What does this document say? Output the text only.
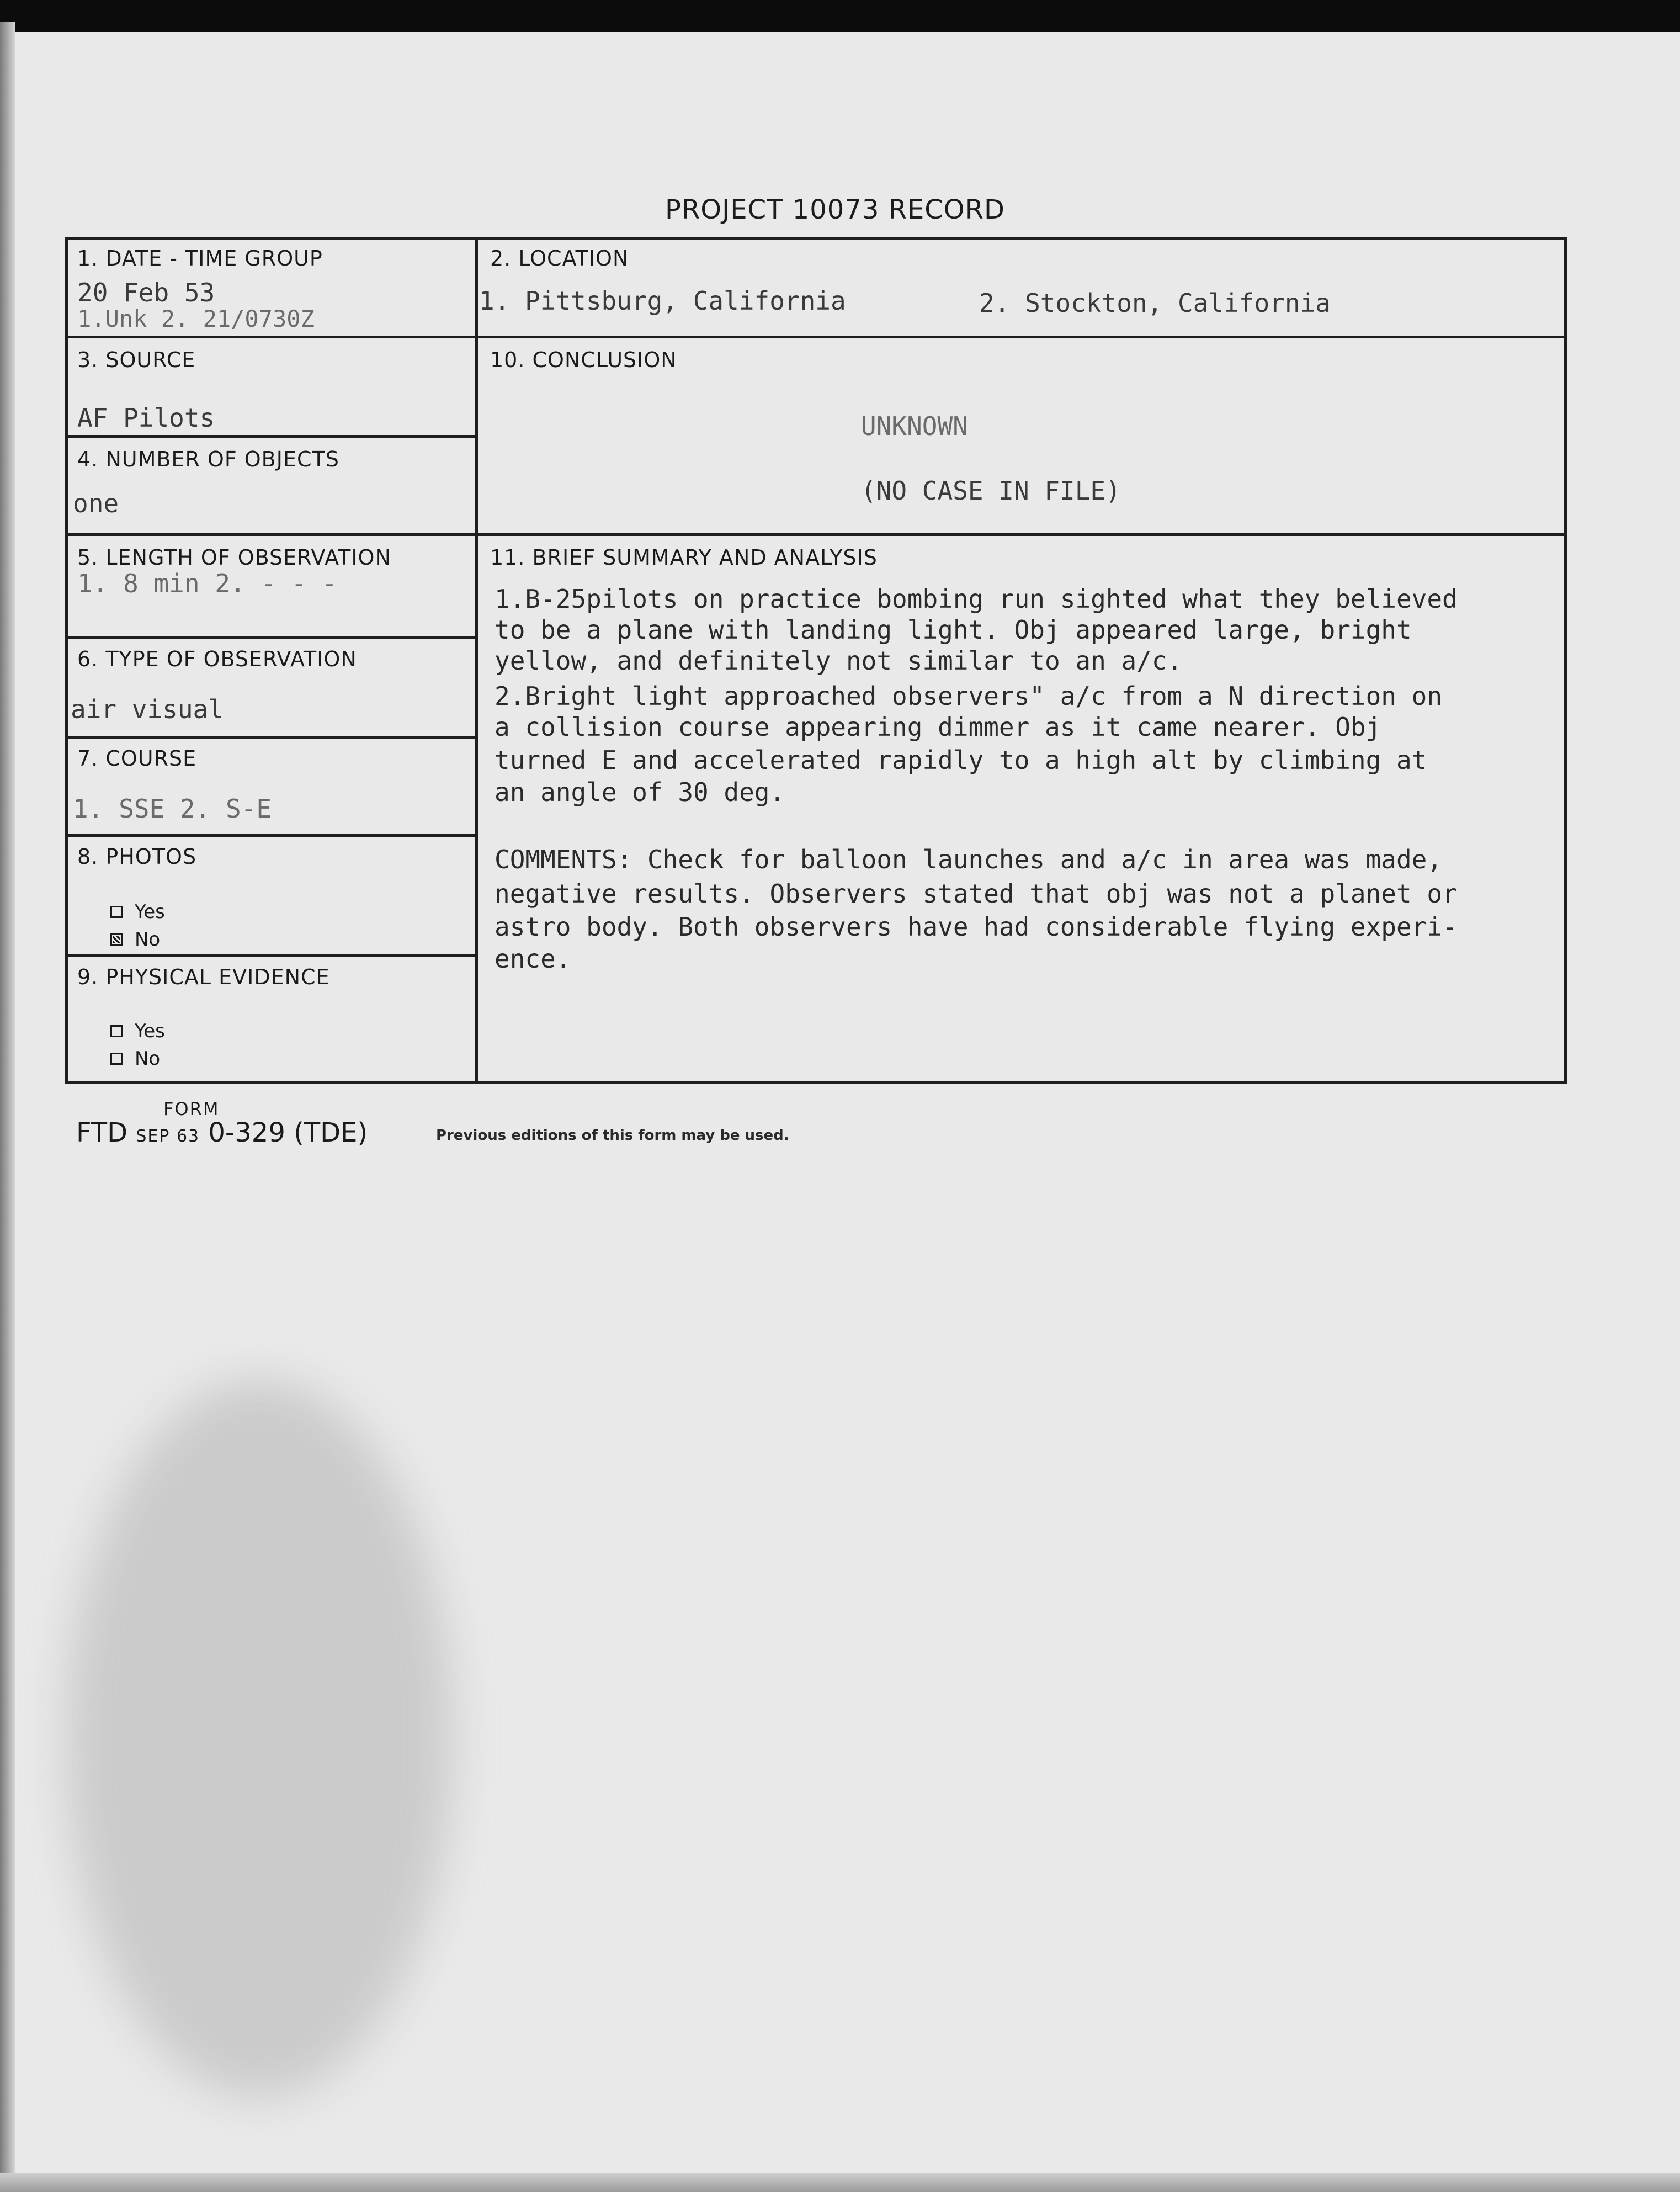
PROJECT 10073 RECORD
1. DATE - TIME GROUP
20 Feb 53
1.Unk 2. 21/0730Z
2. LOCATION
1. Pittsburg, California	2. Stockton, California
3. SOURCE
AF Pilots
4. NUMBER OF OBJECTS
one
10. CONCLUSION
UNKNOWN
(NO CASE IN FILE)
5. LENGTH OF OBSERVATION
1. 8 min 2. - - -
6. TYPE OF OBSERVATION
air visual
7. COURSE
1. SSE 2. S-E
8. PHOTOS
Yes
No
9. PHYSICAL EVIDENCE
Yes
No
11. BRIEF SUMMARY AND ANALYSIS
1.B-25pilots on practice bombing run sighted what they believed
to be a plane with landing light. Obj appeared large, bright
yellow, and definitely not similar to an a/c.
2.Bright light approached observers" a/c from a N direction on
a collision course appearing dimmer as it came nearer. Obj
turned E and accelerated rapidly to a high alt by climbing at
an angle of 30 deg.
COMMENTS: Check for balloon launches and a/c in area was made,
negative results. Observers stated that obj was not a planet or
astro body. Both observers have had considerable flying experi-
ence.
FORM
FTD SEP 63 0-329 (TDE)	Previous editions of this form may be used.
